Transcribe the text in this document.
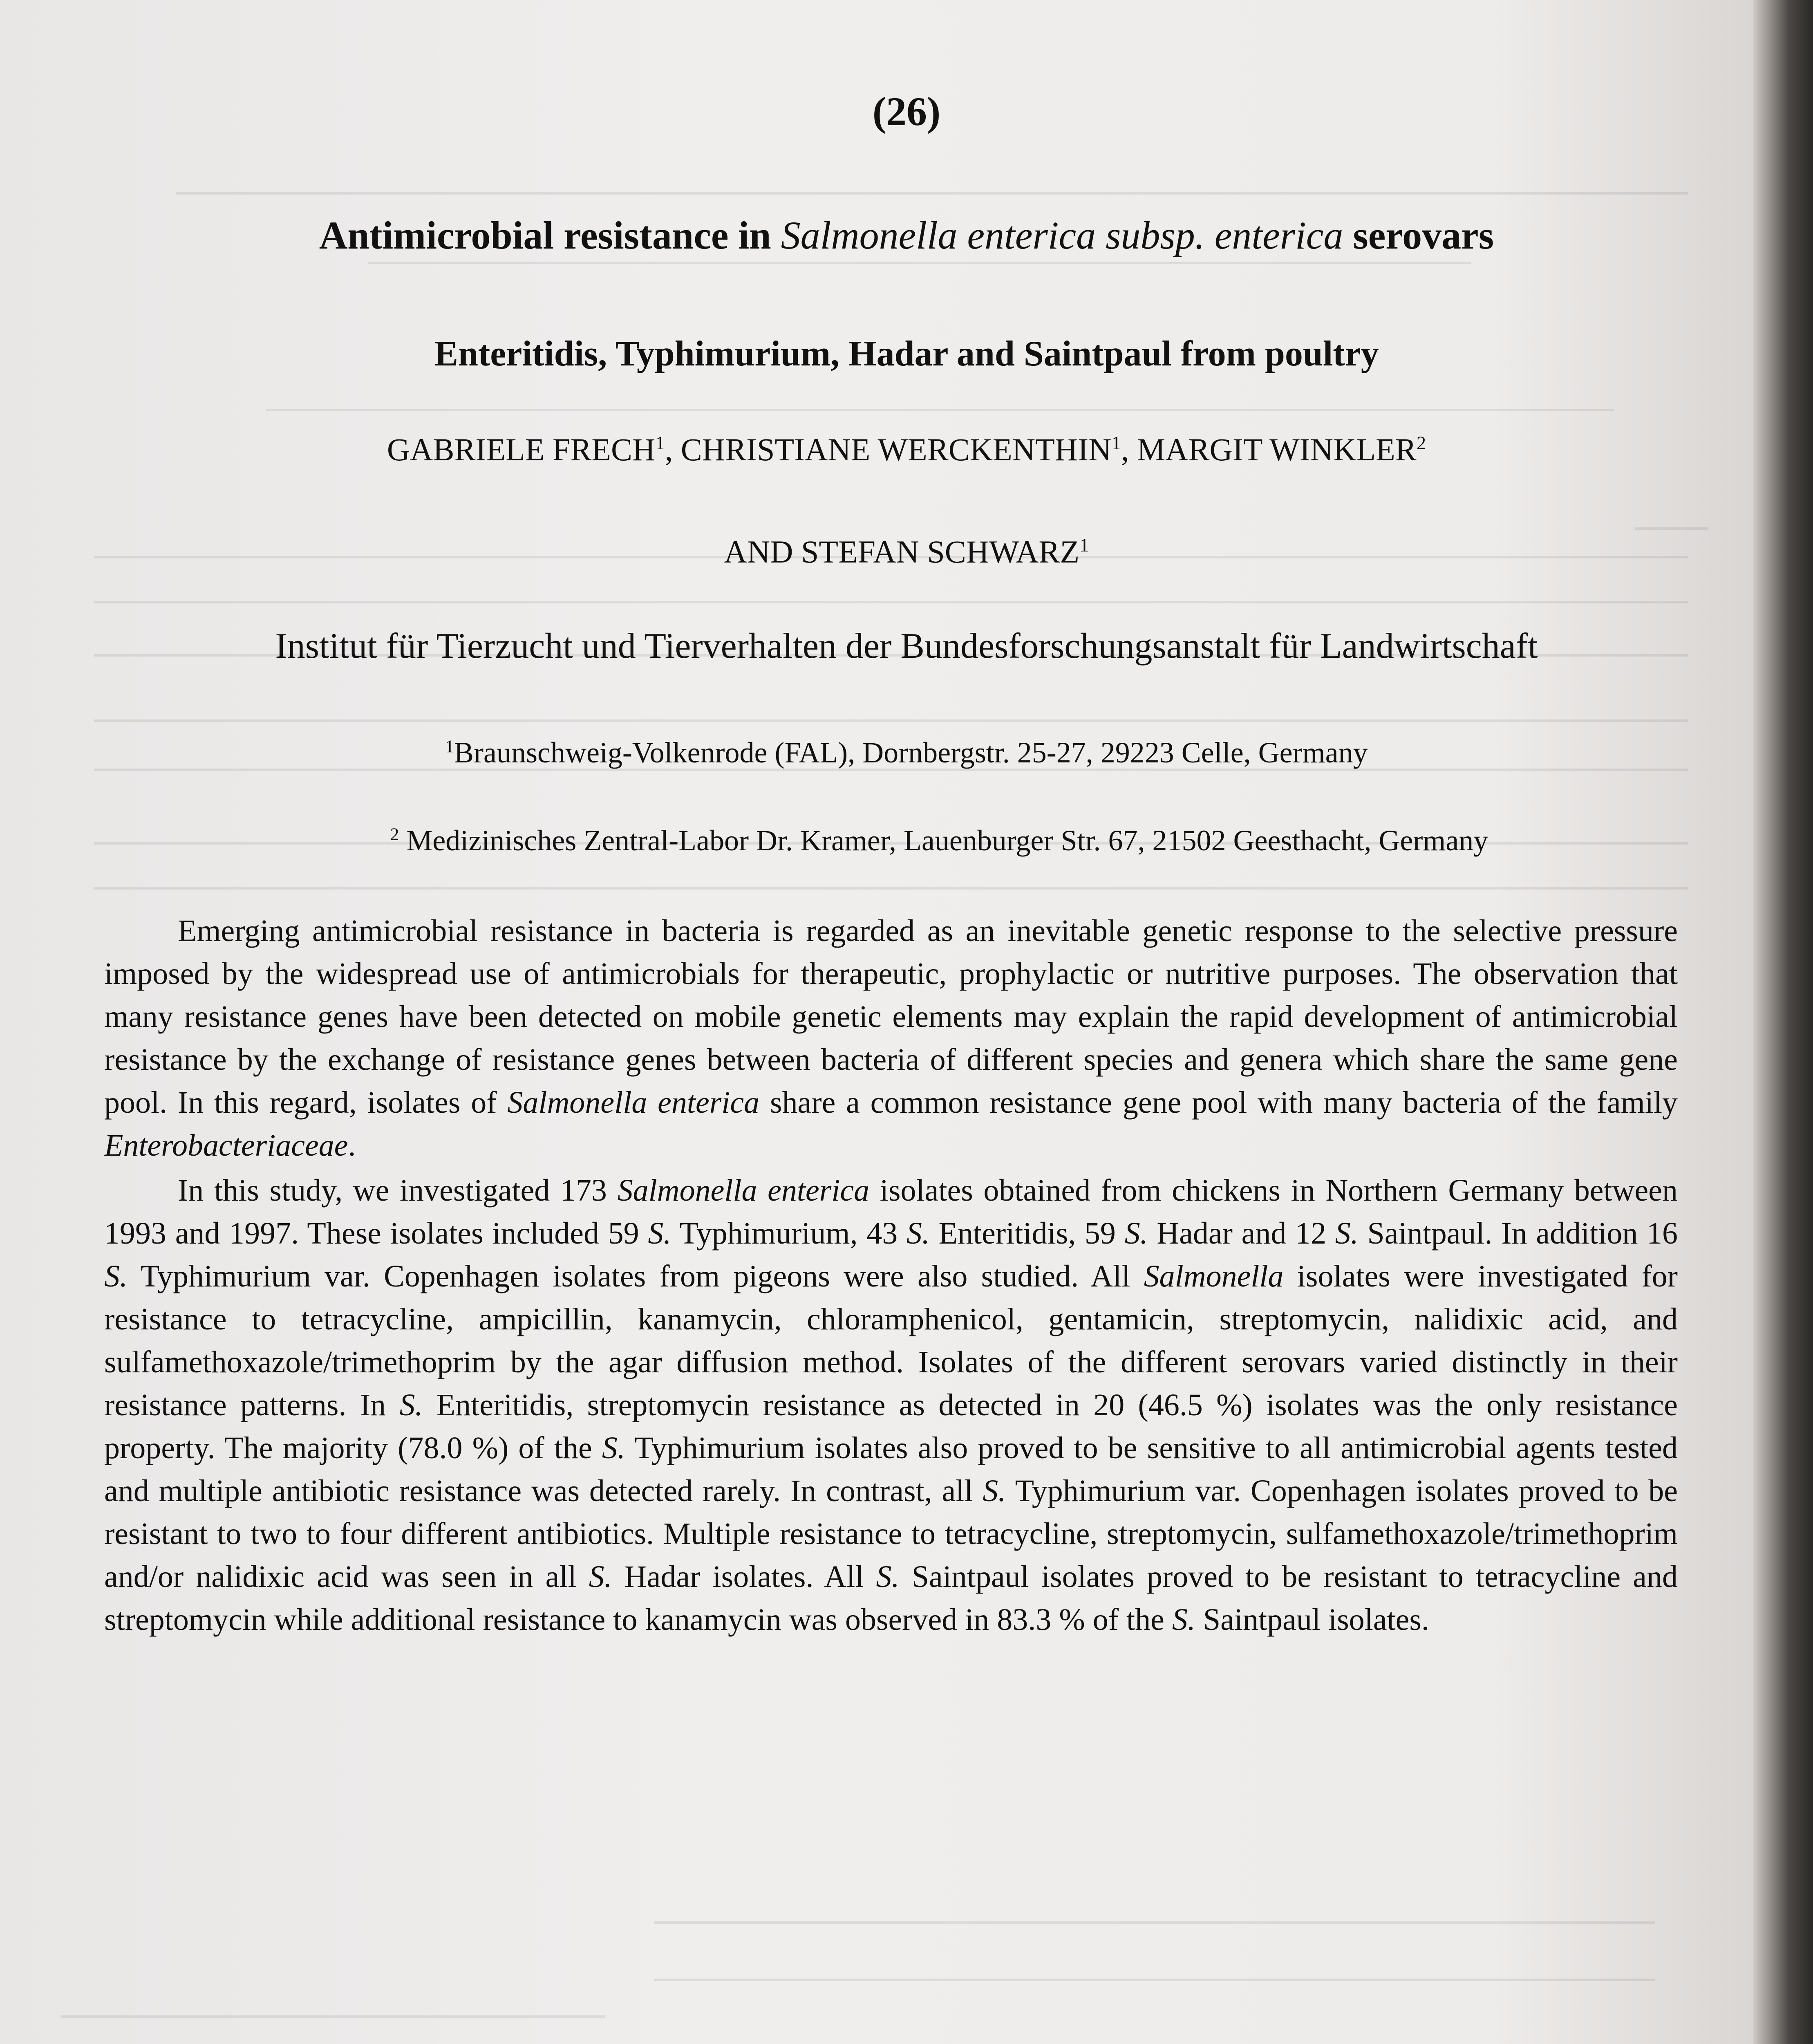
(26)
Antimicrobial resistance in Salmonella enterica subsp. enterica serovars
Enteritidis, Typhimurium, Hadar and Saintpaul from poultry
GABRIELE FRECH$^1$, CHRISTIANE WERCKENTHIN$^1$, MARGIT WINKLER$^2$
AND STEFAN SCHWARZ$^1$
Institut für Tierzucht und Tierverhalten der Bundesforschungsanstalt für Landwirtschaft
$^1$Braunschweig-Volkenrode (FAL), Dornbergstr. 25-27, 29223 Celle, Germany
$^2$ Medizinisches Zentral-Labor Dr. Kramer, Lauenburger Str. 67, 21502 Geesthacht, Germany

Emerging antimicrobial resistance in bacteria is regarded as an inevitable genetic response to the selective pressure imposed by the widespread use of antimicrobials for therapeutic, prophylactic or nutritive purposes. The observation that many resistance genes have been detected on mobile genetic elements may explain the rapid development of antimicrobial resistance by the exchange of resistance genes between bacteria of different species and genera which share the same gene pool. In this regard, isolates of Salmonella enterica share a common resistance gene pool with many bacteria of the family Enterobacteriaceae.

In this study, we investigated 173 Salmonella enterica isolates obtained from chickens in Northern Germany between 1993 and 1997. These isolates included 59 S. Typhimurium, 43 S. Enteritidis, 59 S. Hadar and 12 S. Saintpaul. In addition 16 S. Typhimurium var. Copenhagen isolates from pigeons were also studied. All Salmonella isolates were investigated for resistance to tetracycline, ampicillin, kanamycin, chloramphenicol, gentamicin, streptomycin, nalidixic acid, and sulfamethoxazole/trimethoprim by the agar diffusion method. Isolates of the different serovars varied distinctly in their resistance patterns. In S. Enteritidis, streptomycin resistance as detected in 20 (46.5 %) isolates was the only resistance property. The majority (78.0 %) of the S. Typhimurium isolates also proved to be sensitive to all antimicrobial agents tested and multiple antibiotic resistance was detected rarely. In contrast, all S. Typhimurium var. Copenhagen isolates proved to be resistant to two to four different antibiotics. Multiple resistance to tetracycline, streptomycin, sulfamethoxazole/trimethoprim and/or nalidixic acid was seen in all S. Hadar isolates. All S. Saintpaul isolates proved to be resistant to tetracycline and streptomycin while additional resistance to kanamycin was observed in 83.3 % of the S. Saintpaul isolates.
